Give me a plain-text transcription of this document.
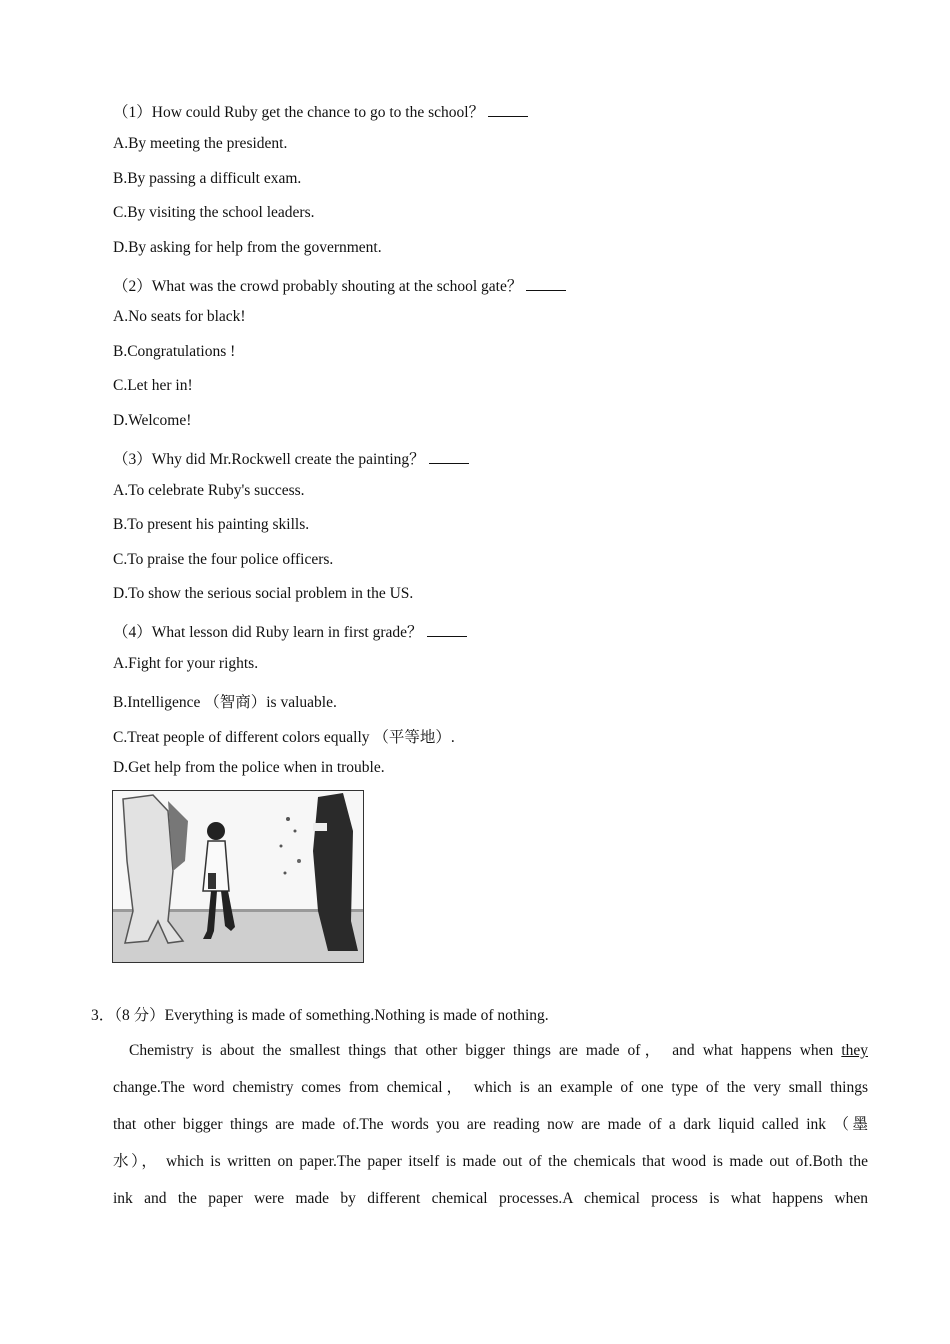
（1）How could Ruby get the chance to go to the school？
A.By meeting the president.
B.By passing a difficult exam.
C.By visiting the school leaders.
D.By asking for help from the government.
（2）What was the crowd probably shouting at the school gate？
A.No seats for black!
B.Congratulations !
C.Let her in!
D.Welcome!
（3）Why did Mr.Rockwell create the painting？
A.To celebrate Ruby's success.
B.To present his painting skills.
C.To praise the four police officers.
D.To show the serious social problem in the US.
（4）What lesson did Ruby learn in first grade？
A.Fight for your rights.
B.Intelligence （智商）is valuable.
C.Treat people of different colors equally （平等地）.
D.Get help from the police when in trouble.
3．（8 分）Everything is made of something.Nothing is made of nothing.
Chemistry is about the smallest things that other bigger things are made of， and what happens when they
change.The word chemistry comes from chemical， which is an example of one type of the very small things
that other bigger things are made of.The words you are reading now are made of a dark liquid called ink （墨
水）， which is written on paper.The paper itself is made out of the chemicals that wood is made out of.Both the
ink and the paper were made by different chemical processes.A chemical process is what happens when
